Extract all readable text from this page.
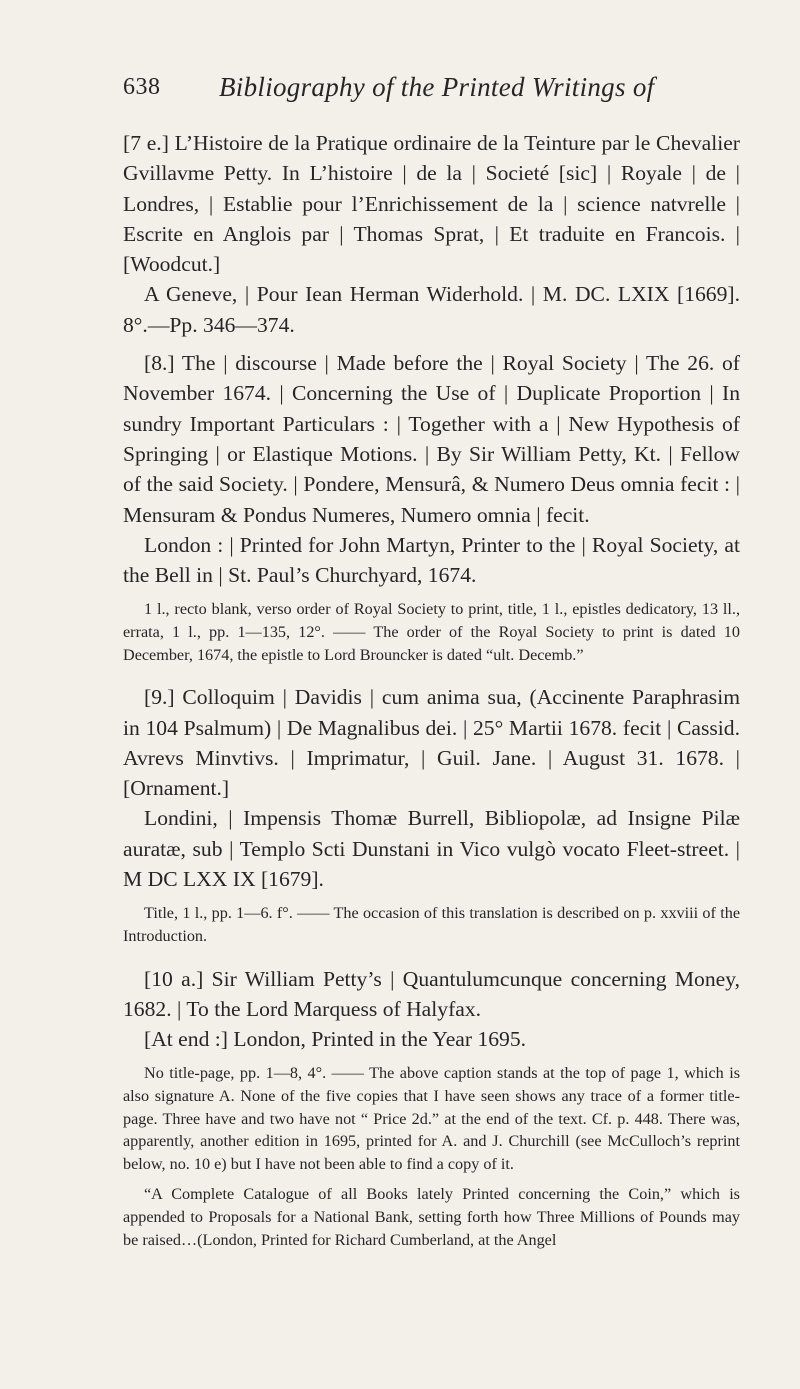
638 Bibliography of the Printed Writings of

[7 e.] L’Histoire de la Pratique ordinaire de la Teinture par le Chevalier Gvillavme Petty. In L’histoire | de la | Societé [sic] | Royale | de | Londres, | Establie pour l’Enrichissement de la | science natvrelle | Escrite en Anglois par | Thomas Sprat, | Et traduite en Francois. | [Woodcut.]

A Geneve, | Pour Iean Herman Widerhold. | M. DC. LXIX [1669]. 8°.—Pp. 346—374.

[8.] The | discourse | Made before the | Royal Society | The 26. of November 1674. | Concerning the Use of | Duplicate Proportion | In sundry Important Particulars : | Together with a | New Hypothesis of Springing | or Elastique Motions. | By Sir William Petty, Kt. | Fellow of the said Society. | Pondere, Mensurâ, & Numero Deus omnia fecit : | Mensuram & Pondus Numeres, Numero omnia | fecit.

London : | Printed for John Martyn, Printer to the | Royal Society, at the Bell in | St. Paul’s Churchyard, 1674.

1 l., recto blank, verso order of Royal Society to print, title, 1 l., epistles dedicatory, 13 ll., errata, 1 l., pp. 1—135, 12°. —— The order of the Royal Society to print is dated 10 December, 1674, the epistle to Lord Brouncker is dated “ult. Decemb.”

[9.] Colloquim | Davidis | cum anima sua, (Accinente Paraphrasim in 104 Psalmum) | De Magnalibus dei. | 25° Martii 1678. fecit | Cassid. Avrevs Minvtivs. | Imprimatur, | Guil. Jane. | August 31. 1678. | [Ornament.]

Londini, | Impensis Thomæ Burrell, Bibliopolæ, ad Insigne Pilæ auratæ, sub | Templo Scti Dunstani in Vico vulgò vocato Fleet-street. | M DC LXX IX [1679].

Title, 1 l., pp. 1—6. f°. —— The occasion of this translation is described on p. xxviii of the Introduction.

[10 a.] Sir William Petty’s | Quantulumcunque concerning Money, 1682. | To the Lord Marquess of Halyfax.

[At end :] London, Printed in the Year 1695.

No title-page, pp. 1—8, 4°. —— The above caption stands at the top of page 1, which is also signature A. None of the five copies that I have seen shows any trace of a former title-page. Three have and two have not “ Price 2d.” at the end of the text. Cf. p. 448. There was, apparently, another edition in 1695, printed for A. and J. Churchill (see McCulloch’s reprint below, no. 10 e) but I have not been able to find a copy of it.

“A Complete Catalogue of all Books lately Printed concerning the Coin,” which is appended to Proposals for a National Bank, setting forth how Three Millions of Pounds may be raised…(London, Printed for Richard Cumberland, at the Angel
